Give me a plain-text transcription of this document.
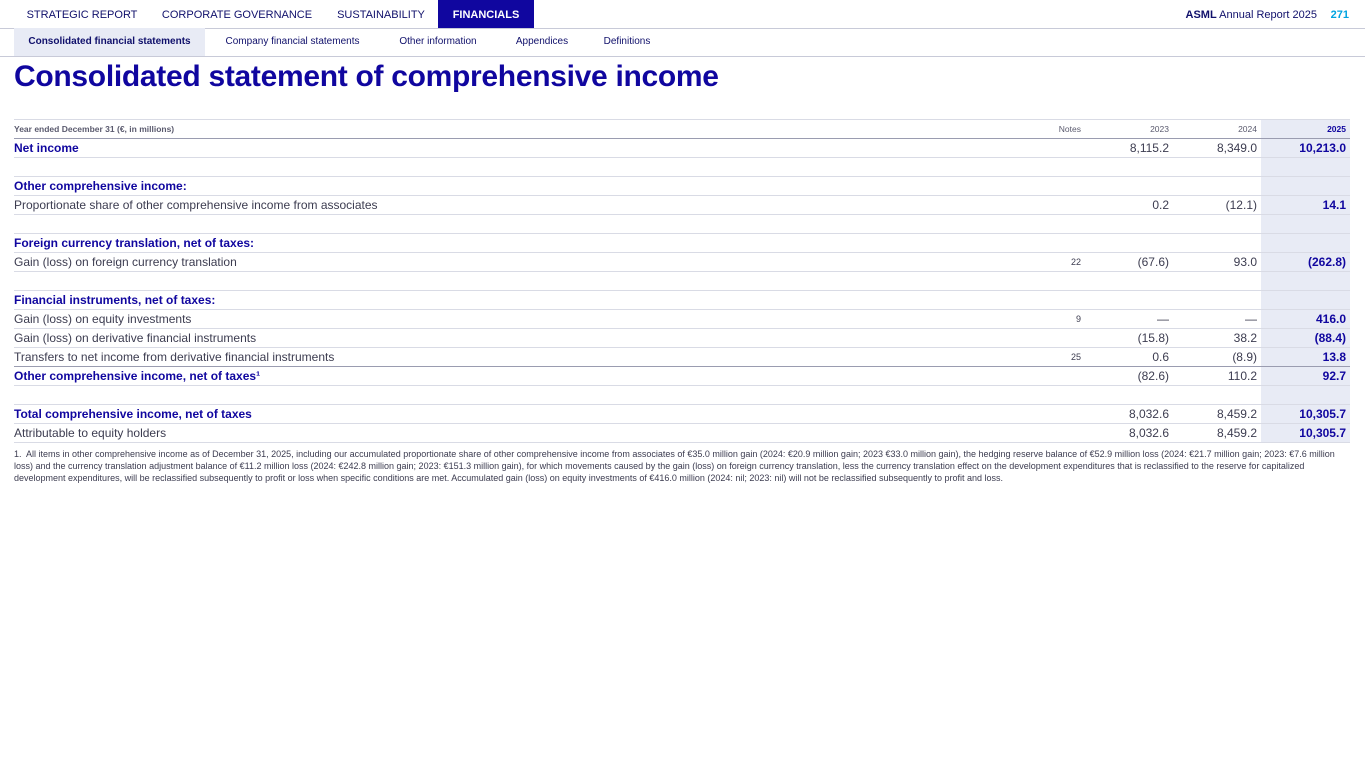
STRATEGIC REPORT	CORPORATE GOVERNANCE	SUSTAINABILITY	FINANCIALS	ASML Annual Report 2025 271
Consolidated financial statements	Company financial statements	Other information	Appendices	Definitions
Consolidated statement of comprehensive income
Year ended December 31 (€, in millions)	Notes	2023	2024	2025
Net income		8,115.2	8,349.0	10,213.0

Other comprehensive income:				
Proportionate share of other comprehensive income from associates		0.2	(12.1)	14.1

Foreign currency translation, net of taxes:				
Gain (loss) on foreign currency translation	22	(67.6)	93.0	(262.8)

Financial instruments, net of taxes:				
Gain (loss) on equity investments	9	—	—	416.0
Gain (loss) on derivative financial instruments		(15.8)	38.2	(88.4)
Transfers to net income from derivative financial instruments	25	0.6	(8.9)	13.8
Other comprehensive income, net of taxes¹		(82.6)	110.2	92.7

Total comprehensive income, net of taxes		8,032.6	8,459.2	10,305.7
Attributable to equity holders		8,032.6	8,459.2	10,305.7
1. All items in other comprehensive income as of December 31, 2025, including our accumulated proportionate share of other comprehensive income from associates of €35.0 million gain (2024: €20.9 million gain; 2023 €33.0 million gain), the hedging reserve balance of €52.9 million loss (2024: €21.7 million gain; 2023: €7.6 million loss) and the currency translation adjustment balance of €11.2 million loss (2024: €242.8 million gain; 2023: €151.3 million gain), for which movements caused by the gain (loss) on foreign currency translation, less the currency translation effect on the development expenditures that is reclassified to the reserve for capitalized development expenditures, will be reclassified subsequently to profit or loss when specific conditions are met. Accumulated gain (loss) on equity investments of €416.0 million (2024: nil; 2023: nil) will not be reclassified subsequently to profit and loss.
